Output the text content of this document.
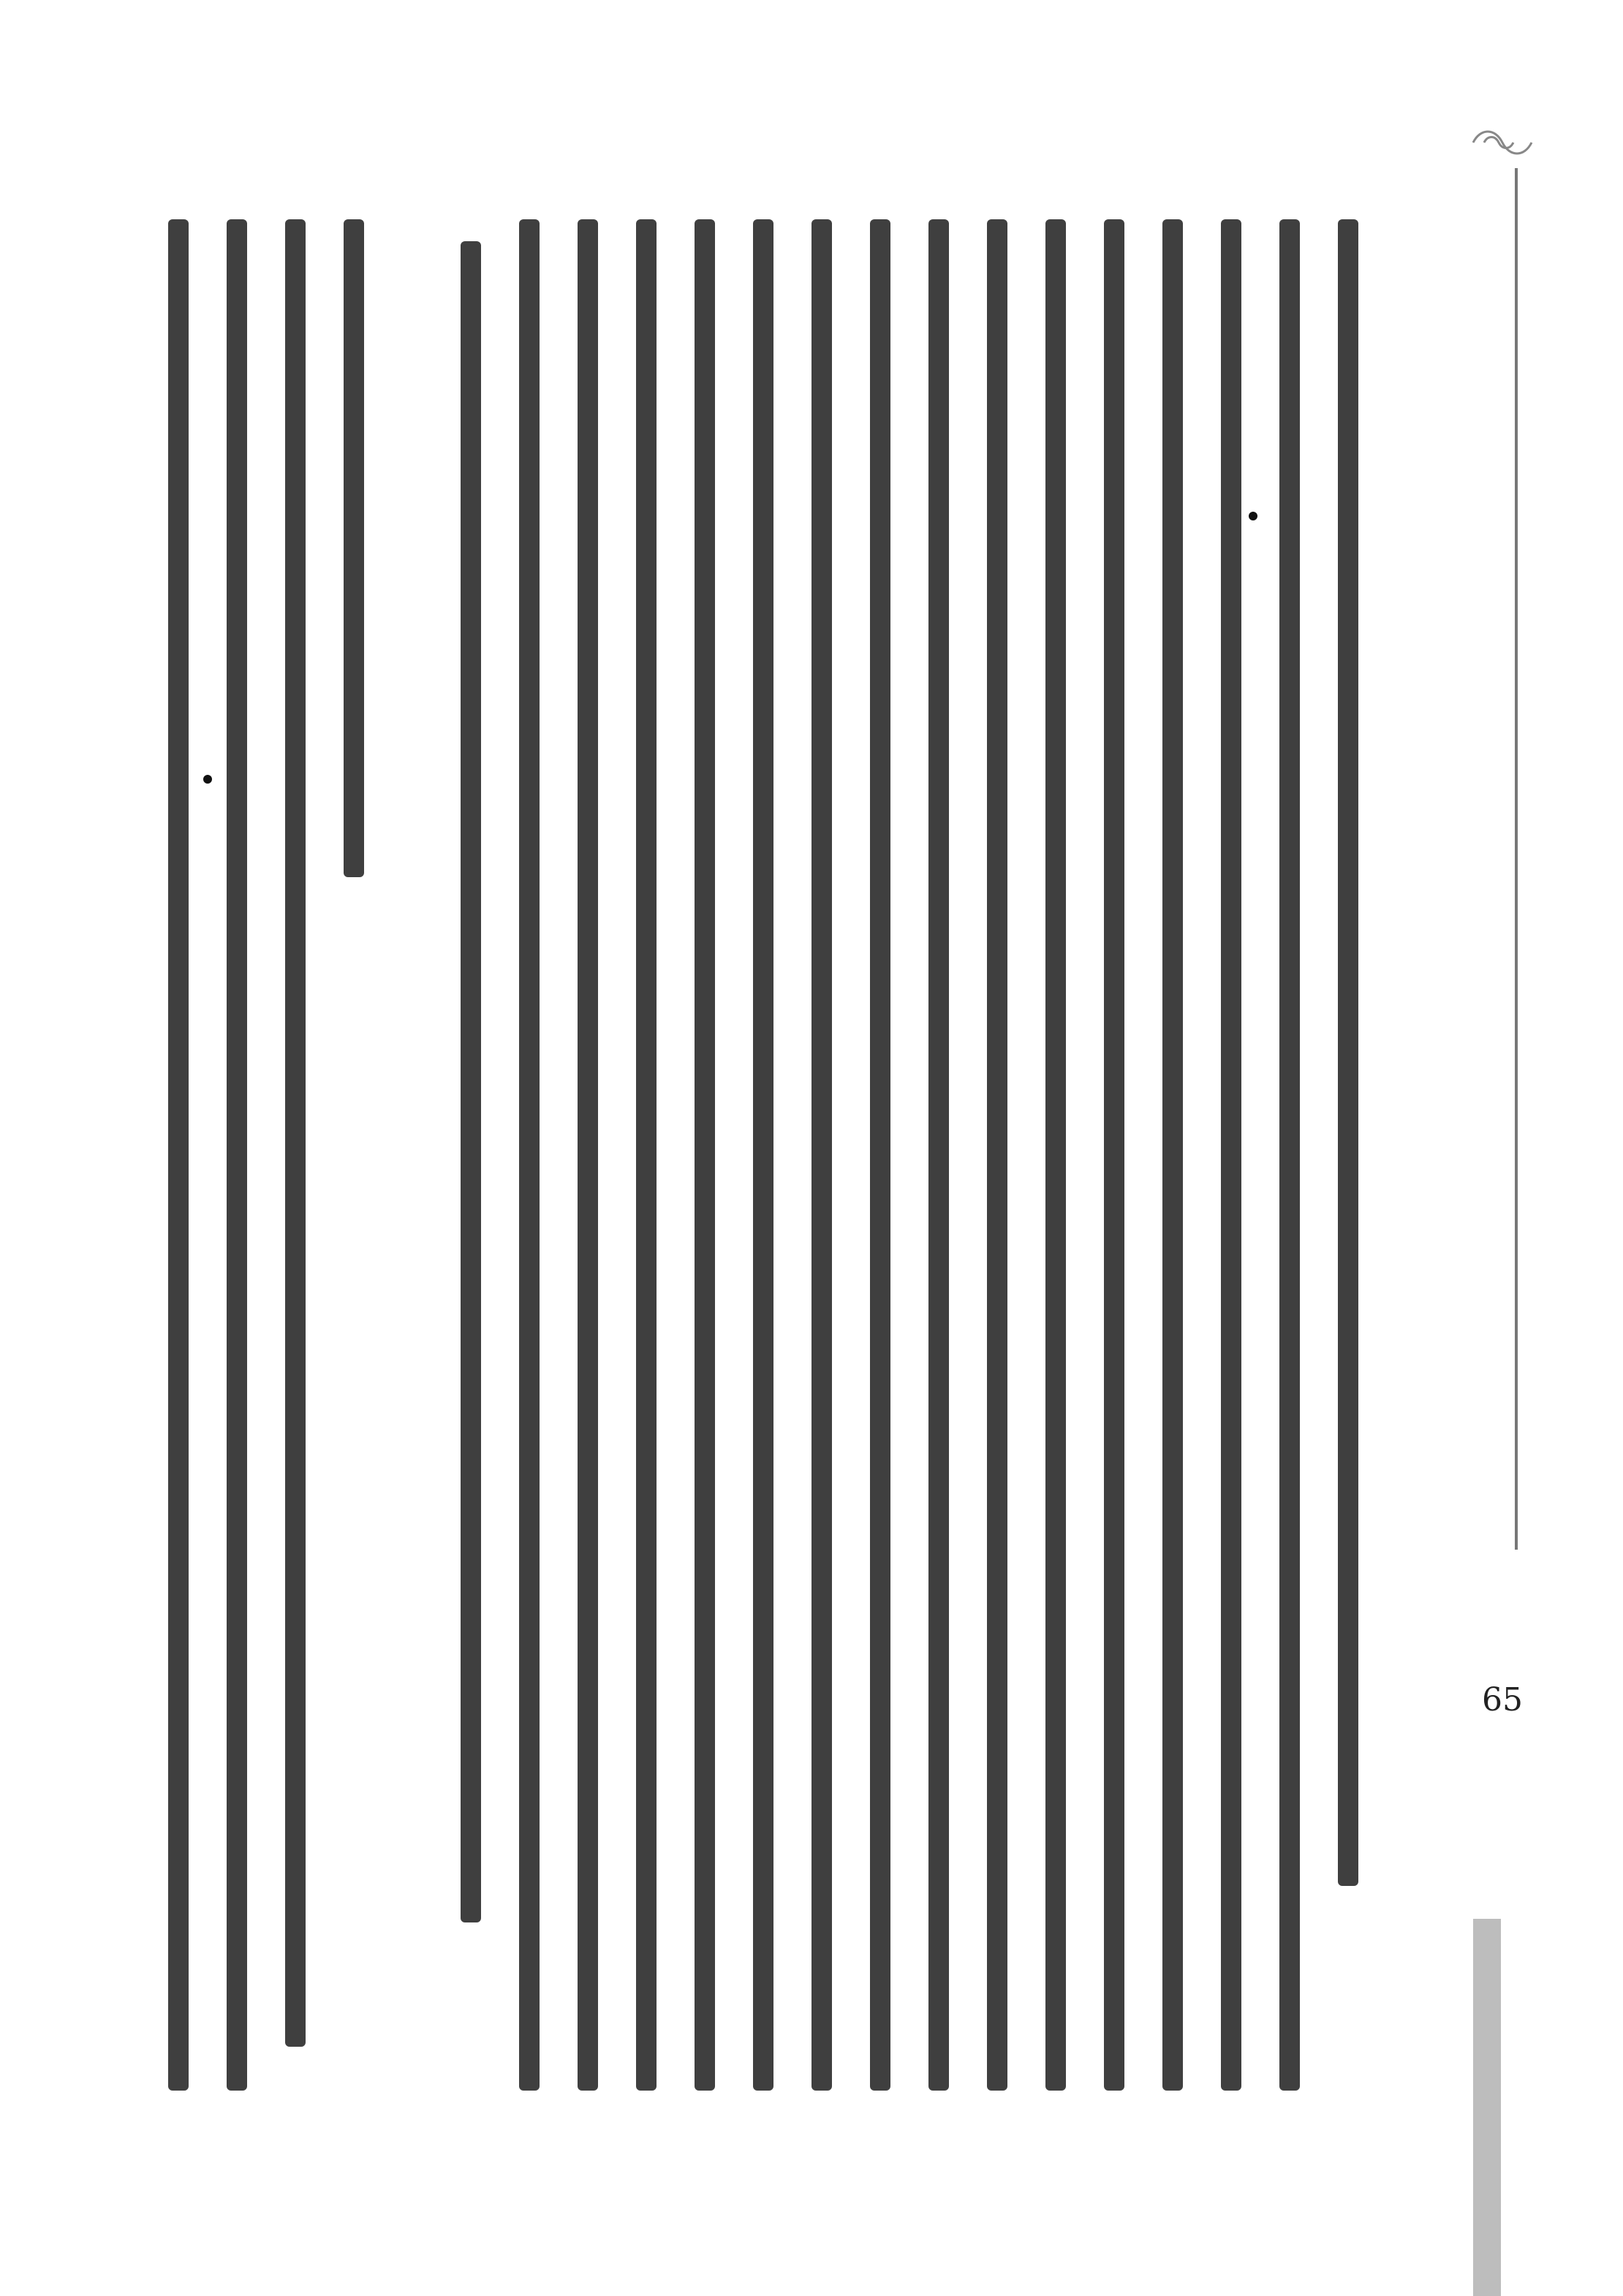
65
